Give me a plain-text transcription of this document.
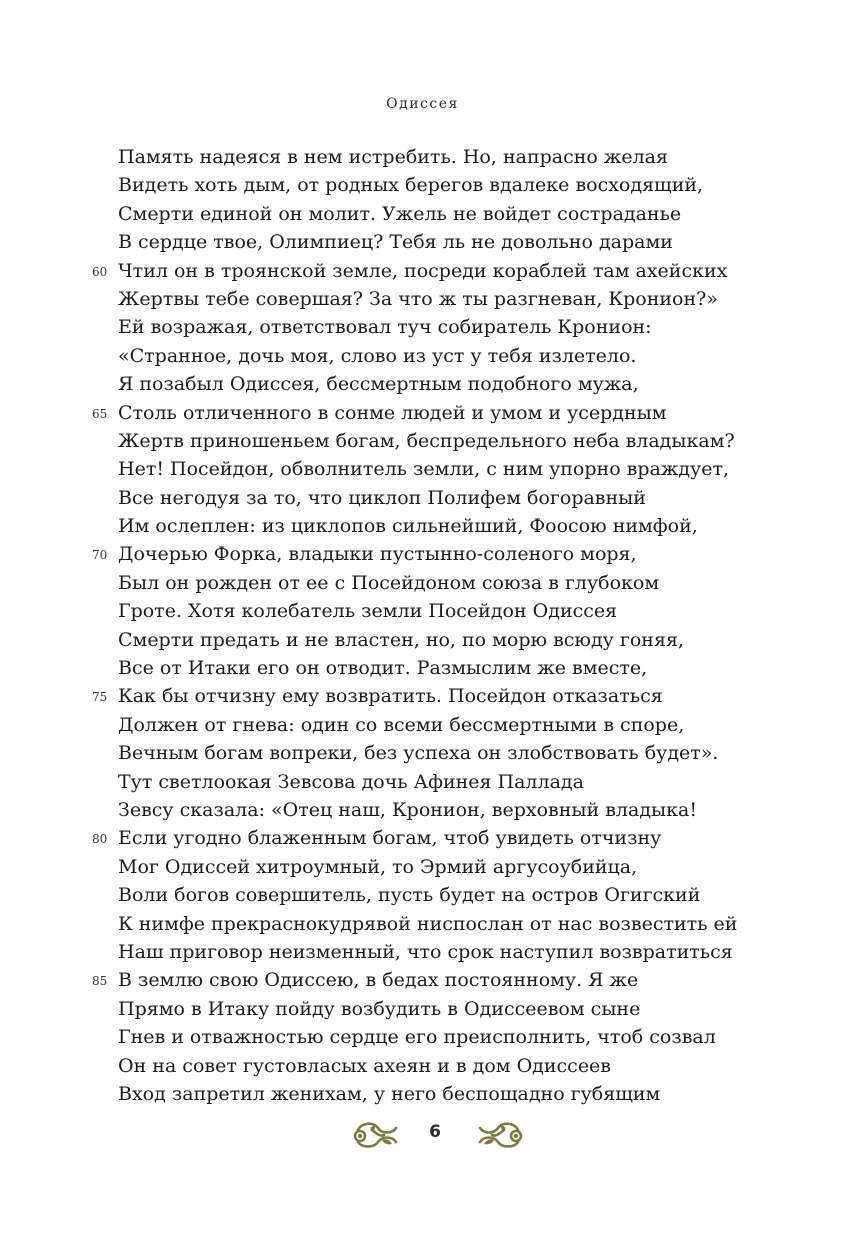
Одиссея
Память надеяся в нем истребить. Но, напрасно желая
Видеть хоть дым, от родных берегов вдалеке восходящий,
Смерти единой он молит. Ужель не войдет состраданье
В сердце твое, Олимпиец? Тебя ль не довольно дарами
60 Чтил он в троянской земле, посреди кораблей там ахейских
Жертвы тебе совершая? За что ж ты разгневан, Кронион?»
Ей возражая, ответствовал туч собиратель Кронион:
«Странное, дочь моя, слово из уст у тебя излетело.
Я позабыл Одиссея, бессмертным подобного мужа,
65 Столь отличенного в сонме людей и умом и усердным
Жертв приношеньем богам, беспредельного неба владыкам?
Нет! Посейдон, обволнитель земли, с ним упорно враждует,
Все негодуя за то, что циклоп Полифем богоравный
Им ослеплен: из циклопов сильнейший, Фоосою нимфой,
70 Дочерью Форка, владыки пустынно-соленого моря,
Был он рожден от ее с Посейдоном союза в глубоком
Гроте. Хотя колебатель земли Посейдон Одиссея
Смерти предать и не властен, но, по морю всюду гоняя,
Все от Итаки его он отводит. Размыслим же вместе,
75 Как бы отчизну ему возвратить. Посейдон отказаться
Должен от гнева: один со всеми бессмертными в споре,
Вечным богам вопреки, без успеха он злобствовать будет».
Тут светлоокая Зевсова дочь Афинея Паллада
Зевсу сказала: «Отец наш, Кронион, верховный владыка!
80 Если угодно блаженным богам, чтоб увидеть отчизну
Мог Одиссей хитроумный, то Эрмий аргусоубийца,
Воли богов совершитель, пусть будет на остров Огигский
К нимфе прекраснокудрявой ниспослан от нас возвестить ей
Наш приговор неизменный, что срок наступил возвратиться
85 В землю свою Одиссею, в бедах постоянному. Я же
Прямо в Итаку пойду возбудить в Одиссеевом сыне
Гнев и отважностью сердце его преисполнить, чтоб созвал
Он на совет густовласых ахеян и в дом Одиссеев
Вход запретил женихам, у него беспощадно губящим
6
